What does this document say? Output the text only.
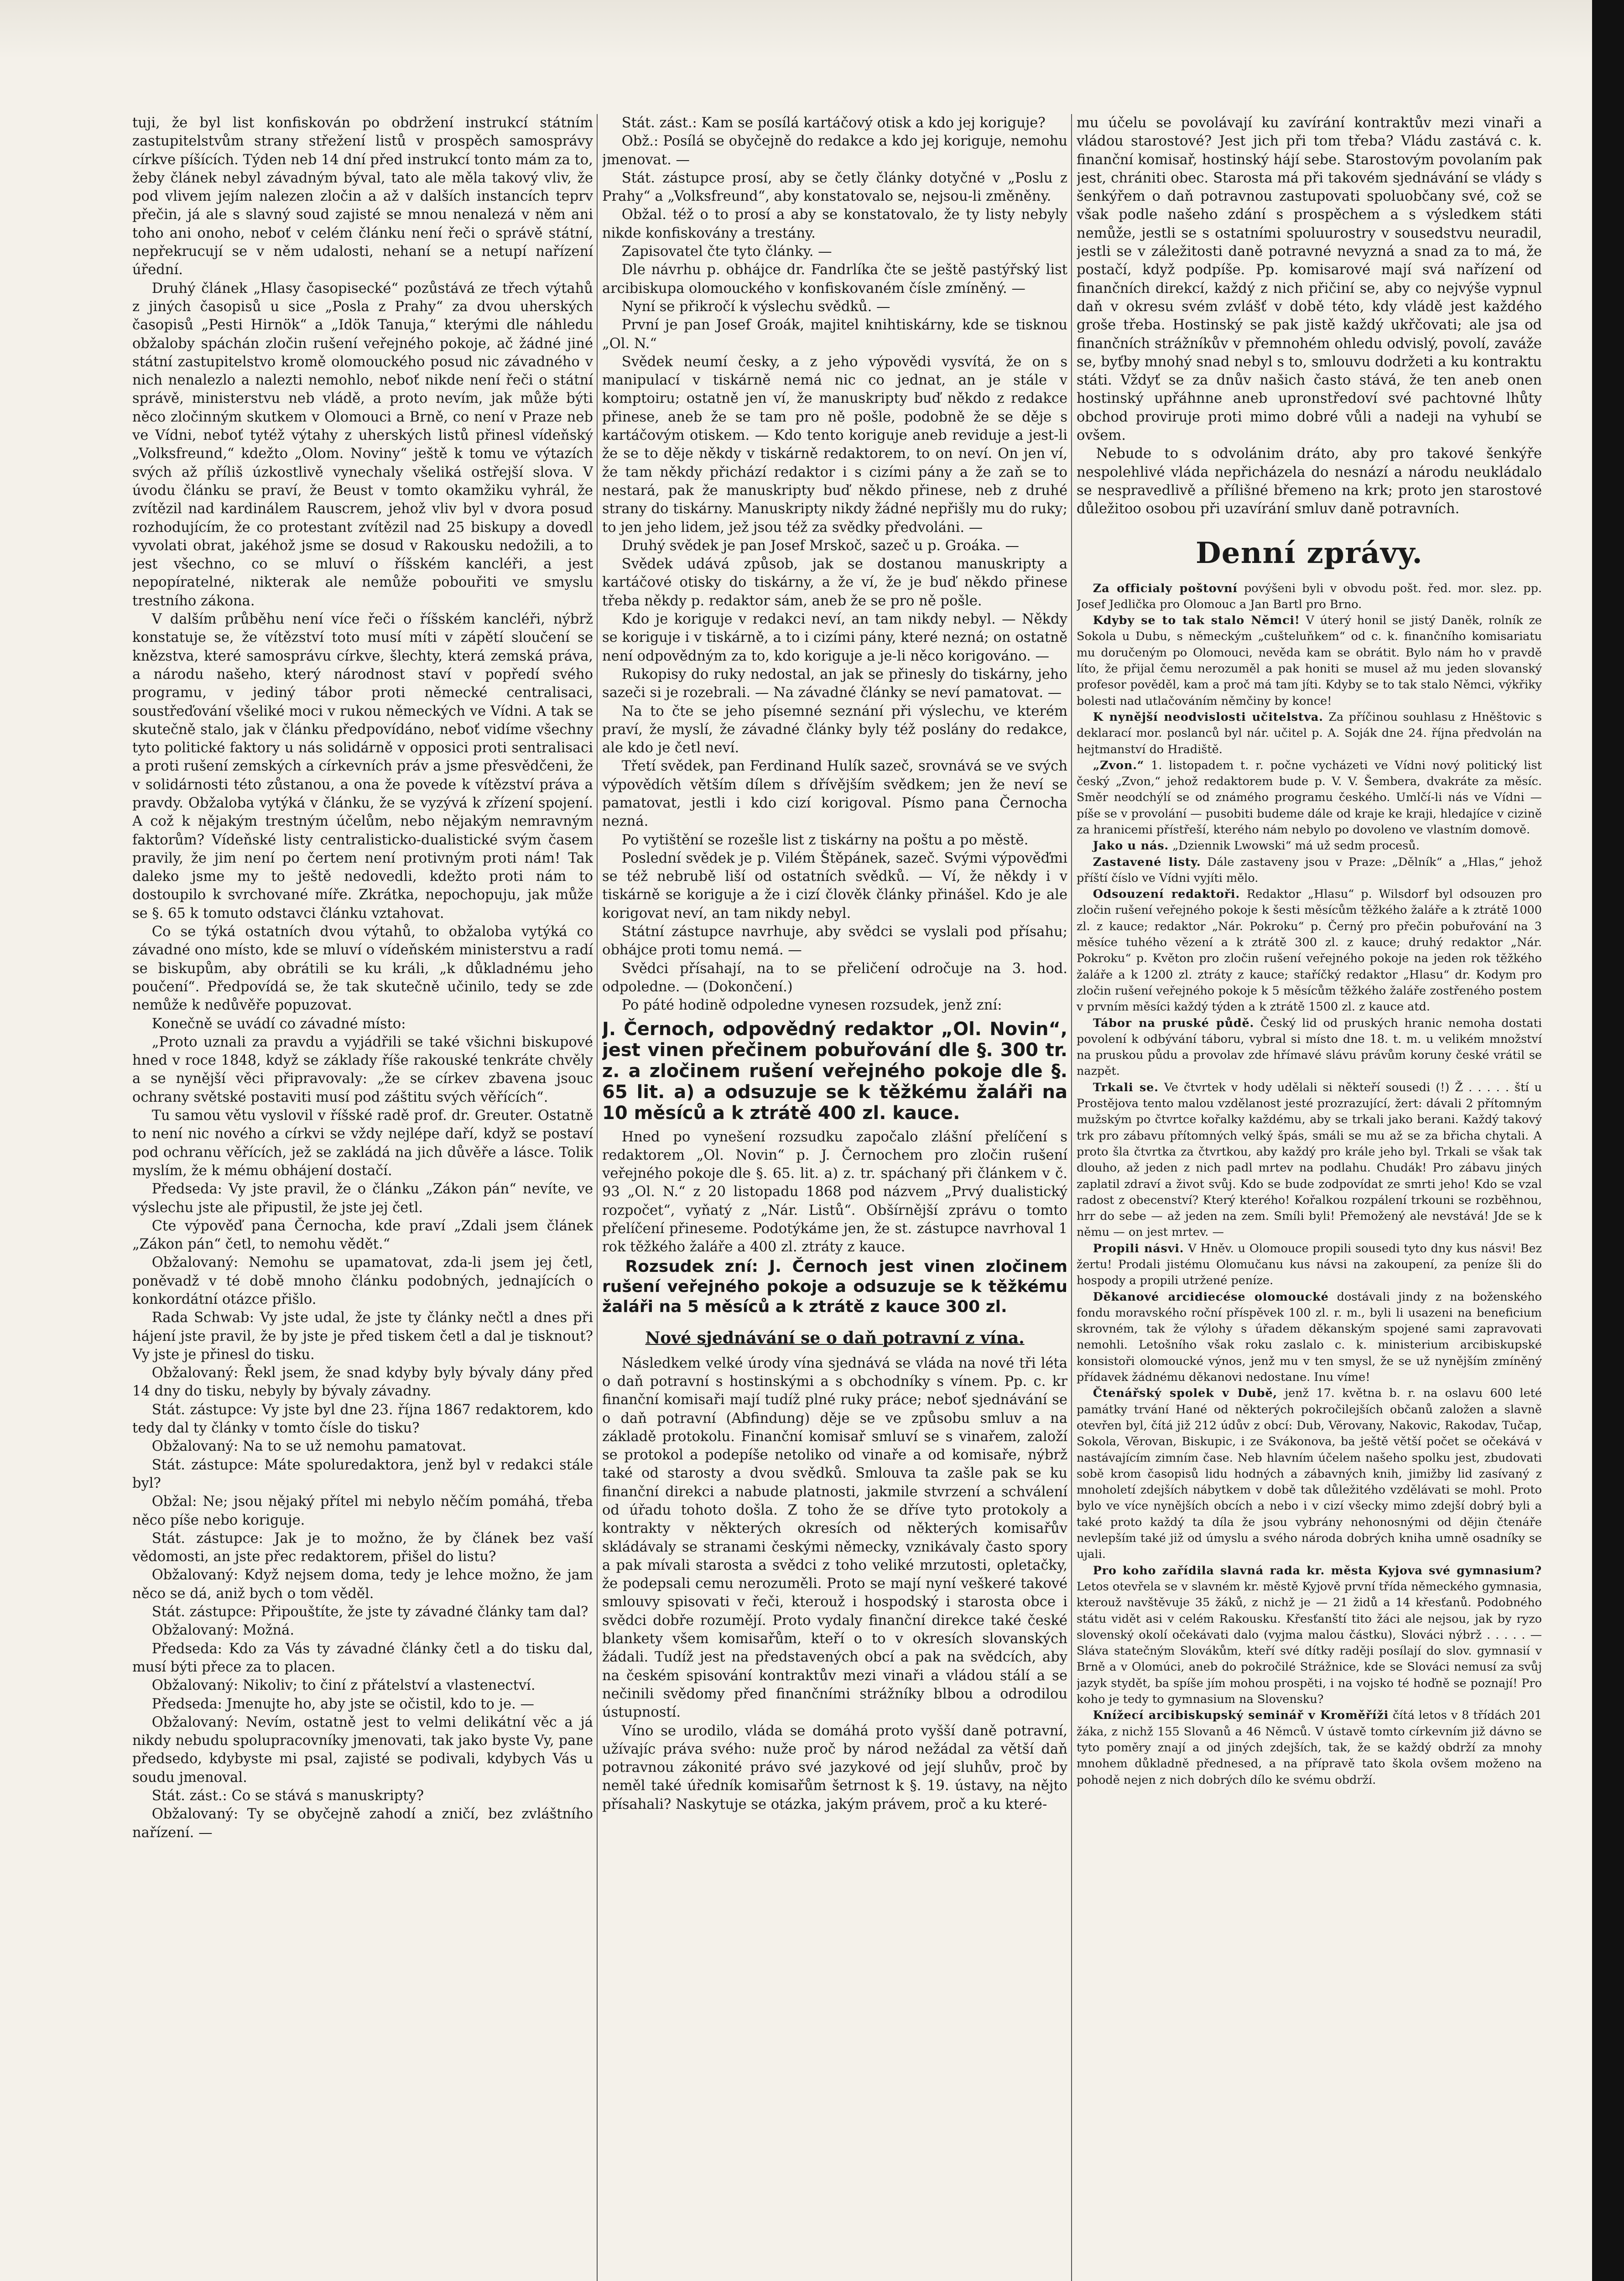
tuji, že byl list konfiskován po obdržení instrukcí státním zastupitelstvům strany střežení listů v prospěch samosprávy církve píšících. Týden neb 14 dní před instrukcí tonto mám za to, žeby článek nebyl závadným býval, tato ale měla takový vliv, že pod vlivem jejím nalezen zločin a až v dalších instancích teprv přečin, já ale s slavný soud zajisté se mnou nenalezá v něm ani toho ani onoho, neboť v celém článku není řeči o správě státní, nepřekrucují se v něm udalosti, nehaní se a netupí nařízení úřední.

Druhý článek „Hlasy časopisecké“ pozůstává ze třech výtahů z jiných časopisů u sice „Posla z Prahy“ za dvou uherských časopisů „Pesti Hirnök“ a „Idök Tanuja,“ kterými dle náhledu obžaloby spáchán zločin rušení veřejného pokoje, ač žádné jiné státní zastupitelstvo kromě olomouckého posud nic závadného v nich nenalezlo a nalezti nemohlo, neboť nikde není řeči o státní správě, ministerstvu neb vládě, a proto nevím, jak může býti něco zločinným skutkem v Olomouci a Brně, co není v Praze neb ve Vídni, neboť tytéž výtahy z uherských listů přinesl vídeňský „Volksfreund,“ kdežto „Olom. Noviny“ ještě k tomu ve výtazích svých až příliš úzkostlivě vynechaly všeliká ostřejší slova. V úvodu článku se praví, že Beust v tomto okamžiku vyhrál, že zvítězil nad kardinálem Rauscrem, jehož vliv byl v dvora posud rozhodujícím, že co protestant zvítězil nad 25 biskupy a dovedl vyvolati obrat, jakéhož jsme se dosud v Rakousku nedožili, a to jest všechno, co se mluví o říšském kancléři, a jest nepopíratelné, nikterak ale nemůže pobouřiti ve smyslu trestního zákona.

V dalším průběhu není více řeči o říšském kancléři, nýbrž konstatuje se, že vítězství toto musí míti v zápětí sloučení se knězstva, které samosprávu církve, šlechty, která zemská práva, a národu našeho, který národnost staví v popředí svého programu, v jediný tábor proti německé centralisaci, soustřeďování všeliké moci v rukou německých ve Vídni. A tak se skutečně stalo, jak v článku předpovídáno, neboť vidíme všechny tyto politické faktory u nás solidárně v opposici proti sentralisaci a proti rušení zemských a církevních práv a jsme přesvědčeni, že v solidárnosti této zůstanou, a ona že povede k vítězství práva a pravdy. Obžaloba vytýká v článku, že se vyzývá k zřízení spojení. A což k nějakým trestným účelům, nebo nějakým nemravným faktorům? Vídeňské listy centralisticko-dualistické svým časem pravily, že jim není po čertem není protivným proti nám! Tak daleko jsme my to ještě nedovedli, kdežto proti nám to dostoupilo k svrchované míře. Zkrátka, nepochopuju, jak může se §. 65 k tomuto odstavci článku vztahovat.

Co se týká ostatních dvou výtahů, to obžaloba vytýká co závadné ono místo, kde se mluví o vídeňském ministerstvu a radí se biskupům, aby obrátili se ku králi, „k důkladnému jeho poučení“. Předpovídá se, že tak skutečně učinilo, tedy se zde nemůže k nedůvěře popuzovat.

Konečně se uvádí co závadné místo:

„Proto uznali za pravdu a vyjádřili se také všichni biskupové hned v roce 1848, když se základy říše rakouské tenkráte chvěly a se nynější věci připravovaly: „že se církev zbavena jsouc ochrany světské postaviti musí pod záštitu svých věřících“.

Tu samou větu vyslovil v říšské radě prof. dr. Greuter. Ostatně to není nic nového a církvi se vždy nejlépe daří, když se postaví pod ochranu věřících, jež se zakládá na jich důvěře a lásce. Tolik myslím, že k mému obhájení dostačí.

Předseda: Vy jste pravil, že o článku „Zákon pán“ nevíte, ve výslechu jste ale připustil, že jste jej četl.

Cte výpověď pana Černocha, kde praví „Zdali jsem článek „Zákon pán“ četl, to nemohu vědět.“

Obžalovaný: Nemohu se upamatovat, zda-li jsem jej četl, poněvadž v té době mnoho článku podobných, jednajících o konkordátní otázce přišlo.

Rada Schwab: Vy jste udal, že jste ty články nečtl a dnes při hájení jste pravil, že by jste je před tiskem četl a dal je tisknout? Vy jste je přinesl do tisku.

Obžalovaný: Řekl jsem, že snad kdyby byly bývaly dány před 14 dny do tisku, nebyly by bývaly závadny.

Stát. zástupce: Vy jste byl dne 23. října 1867 redaktorem, kdo tedy dal ty články v tomto čísle do tisku?

Obžalovaný: Na to se už nemohu pamatovat.

Stát. zástupce: Máte spoluredaktora, jenž byl v redakci stále byl?

Obžal: Ne; jsou nějaký přítel mi nebylo něčím pomáhá, třeba něco píše nebo koriguje.

Stát. zástupce: Jak je to možno, že by článek bez vaší vědomosti, an jste přec redaktorem, přišel do listu?

Obžalovaný: Když nejsem doma, tedy je lehce možno, že jam něco se dá, aniž bych o tom věděl.

Stát. zástupce: Připouštíte, že jste ty závadné články tam dal?

Obžalovaný: Možná.

Předseda: Kdo za Vás ty závadné články četl a do tisku dal, musí býti přece za to placen.

Obžalovaný: Nikoliv; to činí z přátelství a vlastenectví.

Předseda: Jmenujte ho, aby jste se očistil, kdo to je. —

Obžalovaný: Nevím, ostatně jest to velmi delikátní věc a já nikdy nebudu spolupracovníky jmenovati, tak jako byste Vy, pane předsedo, kdybyste mi psal, zajisté se podivali, kdybych Vás u soudu jmenoval.

Stát. zást.: Co se stává s manuskripty?

Obžalovaný: Ty se obyčejně zahodí a zničí, bez zvláštního nařízení. —

Stát. zást.: Kam se posílá kartáčový otisk a kdo jej koriguje?

Obž.: Posílá se obyčejně do redakce a kdo jej koriguje, nemohu jmenovat. —

Stát. zástupce prosí, aby se četly články dotyčné v „Poslu z Prahy“ a „Volksfreund“, aby konstatovalo se, nejsou-li změněny.

Obžal. též o to prosí a aby se konstatovalo, že ty listy nebyly nikde konfiskovány a trestány.

Zapisovatel čte tyto články. —

Dle návrhu p. obhájce dr. Fandrlíka čte se ještě pastýřský list arcibiskupa olomouckého v konfiskovaném čísle zmíněný. —

Nyní se přikročí k výslechu svědků. —

První je pan Josef Groák, majitel knihtiskárny, kde se tisknou „Ol. N.“

Svědek neumí česky, a z jeho výpovědi vysvítá, že on s manipulací v tiskárně nemá nic co jednat, an je stále v komptoiru; ostatně jen ví, že manuskripty buď někdo z redakce přinese, aneb že se tam pro ně pošle, podobně že se děje s kartáčovým otiskem. — Kdo tento koriguje aneb reviduje a jest-li že se to děje někdy v tiskárně redaktorem, to on neví. On jen ví, že tam někdy přichází redaktor i s cizími pány a že zaň se to nestará, pak že manuskripty buď někdo přinese, neb z druhé strany do tiskárny. Manuskripty nikdy žádné nepřišly mu do ruky; to jen jeho lidem, jež jsou též za svědky předvoláni. —

Druhý svědek je pan Josef Mrskoč, sazeč u p. Groáka. —

Svědek udává způsob, jak se dostanou manuskripty a kartáčové otisky do tiskárny, a že ví, že je buď někdo přinese třeba někdy p. redaktor sám, aneb že se pro ně pošle.

Kdo je koriguje v redakci neví, an tam nikdy nebyl. — Někdy se koriguje i v tiskárně, a to i cizími pány, které nezná; on ostatně není odpovědným za to, kdo koriguje a je-li něco korigováno. —

Rukopisy do ruky nedostal, an jak se přinesly do tiskárny, jeho sazeči si je rozebrali. — Na závadné články se neví pamatovat. —

Na to čte se jeho písemné seznání při výslechu, ve kterém praví, že myslí, že závadné články byly též poslány do redakce, ale kdo je četl neví.

Třetí svědek, pan Ferdinand Hulík sazeč, srovnává se ve svých výpovědích větším dílem s dřívějším svědkem; jen že neví se pamatovat, jestli i kdo cizí korigoval. Písmo pana Černocha nezná.

Po vytištění se rozešle list z tiskárny na poštu a po městě.

Poslední svědek je p. Vilém Štěpánek, sazeč. Svými výpověďmi se též nebrubě liší od ostatních svědků. — Ví, že někdy i v tiskárně se koriguje a že i cizí člověk články přinášel. Kdo je ale korigovat neví, an tam nikdy nebyl.

Státní zástupce navrhuje, aby svědci se vyslali pod přísahu; obhájce proti tomu nemá. —

Svědci přísahají, na to se přeličení odročuje na 3. hod. odpoledne. — (Dokončení.)

Po páté hodině odpoledne vynesen rozsudek, jenž zní:

J. Černoch, odpovědný redaktor „Ol. Novin“, jest vinen přečinem pobuřování dle §. 300 tr. z. a zločinem rušení veřejného pokoje dle §. 65 lit. a) a odsuzuje se k těžkému žaláři na 10 měsíců a k ztrátě 400 zl. kauce.

Hned po vynešení rozsudku započalo zlášní přelíčení s redaktorem „Ol. Novin“ p. J. Černochem pro zločin rušení veřejného pokoje dle §. 65. lit. a) z. tr. spáchaný při článkem v č. 93 „Ol. N.“ z 20 listopadu 1868 pod názvem „Prvý dualistický rozpočet“, vyňatý z „Nár. Listů“. Obšírnější zprávu o tomto přelíčení přineseme. Podotýkáme jen, že st. zástupce navrhoval 1 rok těžkého žaláře a 400 zl. ztráty z kauce.

Rozsudek zní: J. Černoch jest vinen zločinem rušení veřejného pokoje a odsuzuje se k těžkému žaláři na 5 měsíců a k ztrátě z kauce 300 zl.

Nové sjednávání se o daň potravní z vína.

Následkem velké úrody vína sjednává se vláda na nové tři léta o daň potravní s hostinskými a s obchodníky s vínem. Pp. c. kr finanční komisaři mají tudíž plné ruky práce; neboť sjednávání se o daň potravní (Abfindung) děje se ve způsobu smluv a na základě protokolu. Finanční komisař smluví se s vinařem, založí se protokol a podepíše netoliko od vinaře a od komisaře, nýbrž také od starosty a dvou svědků. Smlouva ta zašle pak se ku finanční direkci a nabude platnosti, jakmile stvrzení a schválení od úřadu tohoto došla. Z toho že se dříve tyto protokoly a kontrakty v některých okresích od některých komisařův skládávaly se stranami českými německy, vznikávaly často spory a pak mívali starosta a svědci z toho veliké mrzutosti, opletačky, že podepsali cemu nerozuměli. Proto se mají nyní veškeré takové smlouvy spisovati v řeči, kterouž i hospodský i starosta obce i svědci dobře rozumějí. Proto vydaly finanční direkce také české blankety všem komisařům, kteří o to v okresích slovanských žádali. Tudíž jest na představených obcí a pak na svědcích, aby na českém spisování kontraktův mezi vinaři a vládou stálí a se nečinili svědomy před finančními strážníky blbou a odrodilou ústupností.

Víno se urodilo, vláda se domáhá proto vyšší daně potravní, užívajíc práva svého: nuže proč by národ nežádal za větší daň potravnou zákonité právo své jazykové od její sluhův, proč by neměl také úředník komisařům šetrnost k §. 19. ústavy, na nějto přísahali? Naskytuje se otázka, jakým právem, proč a ku které-

mu účelu se povolávají ku zavírání kontraktův mezi vinaři a vládou starostové? Jest jich při tom třeba? Vládu zastává c. k. finanční komisař, hostinský hájí sebe. Starostovým povolaním pak jest, chrániti obec. Starosta má při takovém sjednávání se vlády s šenkýřem o daň potravnou zastupovati spoluobčany své, což se však podle našeho zdání s prospěchem a s výsledkem státi nemůže, jestli se s ostatními spoluurostry v sousedstvu neuradil, jestli se v záležitosti daně potravné nevyzná a snad za to má, že postačí, když podpíše. Pp. komisarové mají svá nařízení od finančních direkcí, každý z nich přičiní se, aby co nejvýše vypnul daň v okresu svém zvlášť v době této, kdy vládě jest každého groše třeba. Hostinský se pak jistě každý ukřčovati; ale jsa od finančních strážníkův v přemnohém ohledu odvislý, povolí, zaváže se, byťby mnohý snad nebyl s to, smlouvu dodržeti a ku kontraktu státi. Vždyť se za dnův našich často stává, že ten aneb onen hostinský upřáhnne aneb upronstředoví své pachtovné lhůty obchod proviruje proti mimo dobré vůli a nadeji na vyhubí se ovšem.

Nebude to s odvolánim dráto, aby pro takové šenkýře nespolehlivé vláda nepřicházela do nesnází a národu neukládalo se nespravedlivě a přílišné břemeno na krk; proto jen starostové důležitoo osobou při uzavírání smluv daně potravních.

Denní zprávy.

Za officialy poštovní povýšeni byli v obvodu pošt. řed. mor. slez. pp. Josef Jedlička pro Olomouc a Jan Bartl pro Brno.

Kdyby se to tak stalo Němci! V úterý honil se jistý Daněk, rolník ze Sokola u Dubu, s německým „cušteluňkem“ od c. k. finančního komisariatu mu doručeným po Olomouci, nevěda kam se obrátit. Bylo nám ho v pravdě líto, že přijal čemu nerozuměl a pak honiti se musel až mu jeden slovanský profesor pověděl, kam a proč má tam jíti. Kdyby se to tak stalo Němci, výkřiky bolesti nad utlačováním němčiny by konce!

K nynější neodvislosti učitelstva. Za příčinou souhlasu z Hněštovic s deklarací mor. poslanců byl nár. učitel p. A. Soják dne 24. října předvolán na hejtmanství do Hradiště.

„Zvon.“ 1. listopadem t. r. počne vycházeti ve Vídni nový politický list český „Zvon,“ jehož redaktorem bude p. V. V. Šembera, dvakráte za měsíc. Směr neodchýlí se od známého programu českého. Umlčí-li nás ve Vídni — píše se v provolání — pusobiti budeme dále od kraje ke kraji, hledajíce v cizině za hranicemi přístřeší, kterého nám nebylo po dovoleno ve vlastním domově.

Jako u nás. „Dziennik Lwowski“ má už sedm procesů.

Zastavené listy. Dále zastaveny jsou v Praze: „Dělník“ a „Hlas,“ jehož příští číslo ve Vídni vyjíti mělo.

Odsouzení redaktoři. Redaktor „Hlasu“ p. Wilsdorf byl odsouzen pro zločin rušení veřejného pokoje k šesti měsícům těžkého žaláře a k ztrátě 1000 zl. z kauce; redaktor „Nár. Pokroku“ p. Černý pro přečin pobuřování na 3 měsíce tuhého vězení a k ztrátě 300 zl. z kauce; druhý redaktor „Nár. Pokroku“ p. Květon pro zločin rušení veřejného pokoje na jeden rok těžkého žaláře a k 1200 zl. ztráty z kauce; staříčký redaktor „Hlasu“ dr. Kodym pro zločin rušení veřejného pokoje k 5 měsícům těžkého žaláře zostřeného postem v prvním měsíci každý týden a k ztrátě 1500 zl. z kauce atd.

Tábor na pruské půdě. Český lid od pruských hranic nemoha dostati povolení k odbývání táboru, vybral si místo dne 18. t. m. u velikém množství na pruskou půdu a provolav zde hřímavé slávu právům koruny české vrátil se nazpět.

Trkali se. Ve čtvrtek v hody udělali si někteří sousedi (!) Ž . . . . . ští u Prostějova tento malou vzdělanost jesté prozrazující, žert: dávali 2 přítomným mužským po čtvrtce kořalky každému, aby se trkali jako berani. Každý takový trk pro zábavu přítomných velký špás, smáli se mu až se za břicha chytali. A proto šla čtvrtka za čtvrtkou, aby každý pro krále jeho byl. Trkali se však tak dlouho, až jeden z nich padl mrtev na podlahu. Chudák! Pro zábavu jiných zaplatil zdraví a život svůj. Kdo se bude zodpovídat ze smrti jeho! Kdo se vzal radost z obecenství? Který kterého! Kořalkou rozpálení trkouni se rozběhnou, hrr do sebe — až jeden na zem. Smíli byli! Přemožený ale nevstává! Jde se k němu — on jest mrtev. —

Propili násvi. V Hněv. u Olomouce propili sousedi tyto dny kus násvi! Bez žertu! Prodali jistému Olomučanu kus návsi na zakoupení, za peníze šli do hospody a propili utržené peníze.

Děkanové arcidiecése olomoucké dostávali jindy z na boženského fondu moravského roční příspěvek 100 zl. r. m., byli li usazeni na beneficium skrovném, tak že výlohy s úřadem děkanským spojené sami zapravovati nemohli. Letošního však roku zaslalo c. k. ministerium arcibiskupské konsistoři olomoucké výnos, jenž mu v ten smysl, že se už nynějším zmíněný přídavek žádnému děkanovi nedostane. Inu víme!

Čtenářský spolek v Dubě, jenž 17. května b. r. na oslavu 600 leté památky trvání Hané od některých pokročilejších občanů založen a slavně otevřen byl, čítá již 212 údův z obcí: Dub, Věrovany, Nakovic, Rakodav, Tučap, Sokola, Věrovan, Biskupic, i ze Svákonova, ba ještě větší počet se očekává v nastávajícím zimním čase. Neb hlavním účelem našeho spolku jest, zbudovati sobě krom časopisů lidu hodných a zábavných knih, jimižby lid zasívaný z mnoholetí zdejších nábytkem v době tak důležitého vzdělávati se mohl. Proto bylo ve více nynějších obcích a nebo i v cizí všecky mimo zdejší dobrý byli a také proto každý ta díla že jsou vybrány nehonosnými od dějin čtenáře nevlepším také již od úmyslu a svého národa dobrých kniha umně osadníky se ujali.

Pro koho zařídila slavná rada kr. města Kyjova své gymnasium? Letos otevřela se v slavném kr. městě Kyjově první třída německého gymnasia, kterouž navštěvuje 35 žáků, z nichž je — 21 židů a 14 křesťanů. Podobného státu vidět asi v celém Rakousku. Křesťanští tito žáci ale nejsou, jak by ryzo slovenský okolí očekávati dalo (vyjma malou částku), Slováci nýbrž . . . . . — Sláva statečným Slovákům, kteří své dítky raději posílají do slov. gymnasií v Brně a v Olomúci, aneb do pokročilé Strážnice, kde se Slováci nemusí za svůj jazyk stydět, ba spíše jím mohou prospěti, i na vojsko té hoďně se poznají! Pro koho je tedy to gymnasium na Slovensku?

Knížecí arcibiskupský seminář v Kroměříži čítá letos v 8 třídách 201 žáka, z nichž 155 Slovanů a 46 Němců. V ústavě tomto církevním již dávno se tyto poměry znají a od jiných zdejších, tak, že se každý obdrží za mnohy mnohem důkladně přednesed, a na přípravě tato škola ovšem moženo na pohodě nejen z nich dobrých dílo ke svému obdrží.
